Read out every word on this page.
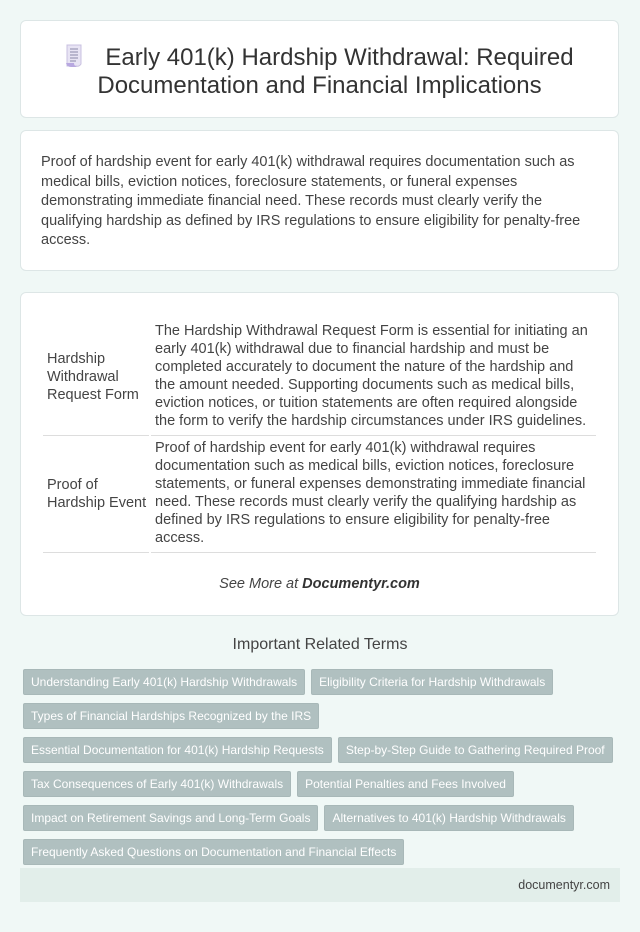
Early 401(k) Hardship Withdrawal: Required Documentation and Financial Implications

Proof of hardship event for early 401(k) withdrawal requires documentation such as medical bills, eviction notices, foreclosure statements, or funeral expenses demonstrating immediate financial need. These records must clearly verify the qualifying hardship as defined by IRS regulations to ensure eligibility for penalty-free access.

Hardship Withdrawal Request Form	The Hardship Withdrawal Request Form is essential for initiating an early 401(k) withdrawal due to financial hardship and must be completed accurately to document the nature of the hardship and the amount needed. Supporting documents such as medical bills, eviction notices, or tuition statements are often required alongside the form to verify the hardship circumstances under IRS guidelines.
Proof of Hardship Event	Proof of hardship event for early 401(k) withdrawal requires documentation such as medical bills, eviction notices, foreclosure statements, or funeral expenses demonstrating immediate financial need. These records must clearly verify the qualifying hardship as defined by IRS regulations to ensure eligibility for penalty-free access.
See More at Documentyr.com
Important Related Terms
Understanding Early 401(k) Hardship Withdrawals Eligibility Criteria for Hardship Withdrawals
Types of Financial Hardships Recognized by the IRS
Essential Documentation for 401(k) Hardship Requests Step-by-Step Guide to Gathering Required Proof
Tax Consequences of Early 401(k) Withdrawals Potential Penalties and Fees Involved
Impact on Retirement Savings and Long-Term Goals Alternatives to 401(k) Hardship Withdrawals
Frequently Asked Questions on Documentation and Financial Effects
documentyr.com
